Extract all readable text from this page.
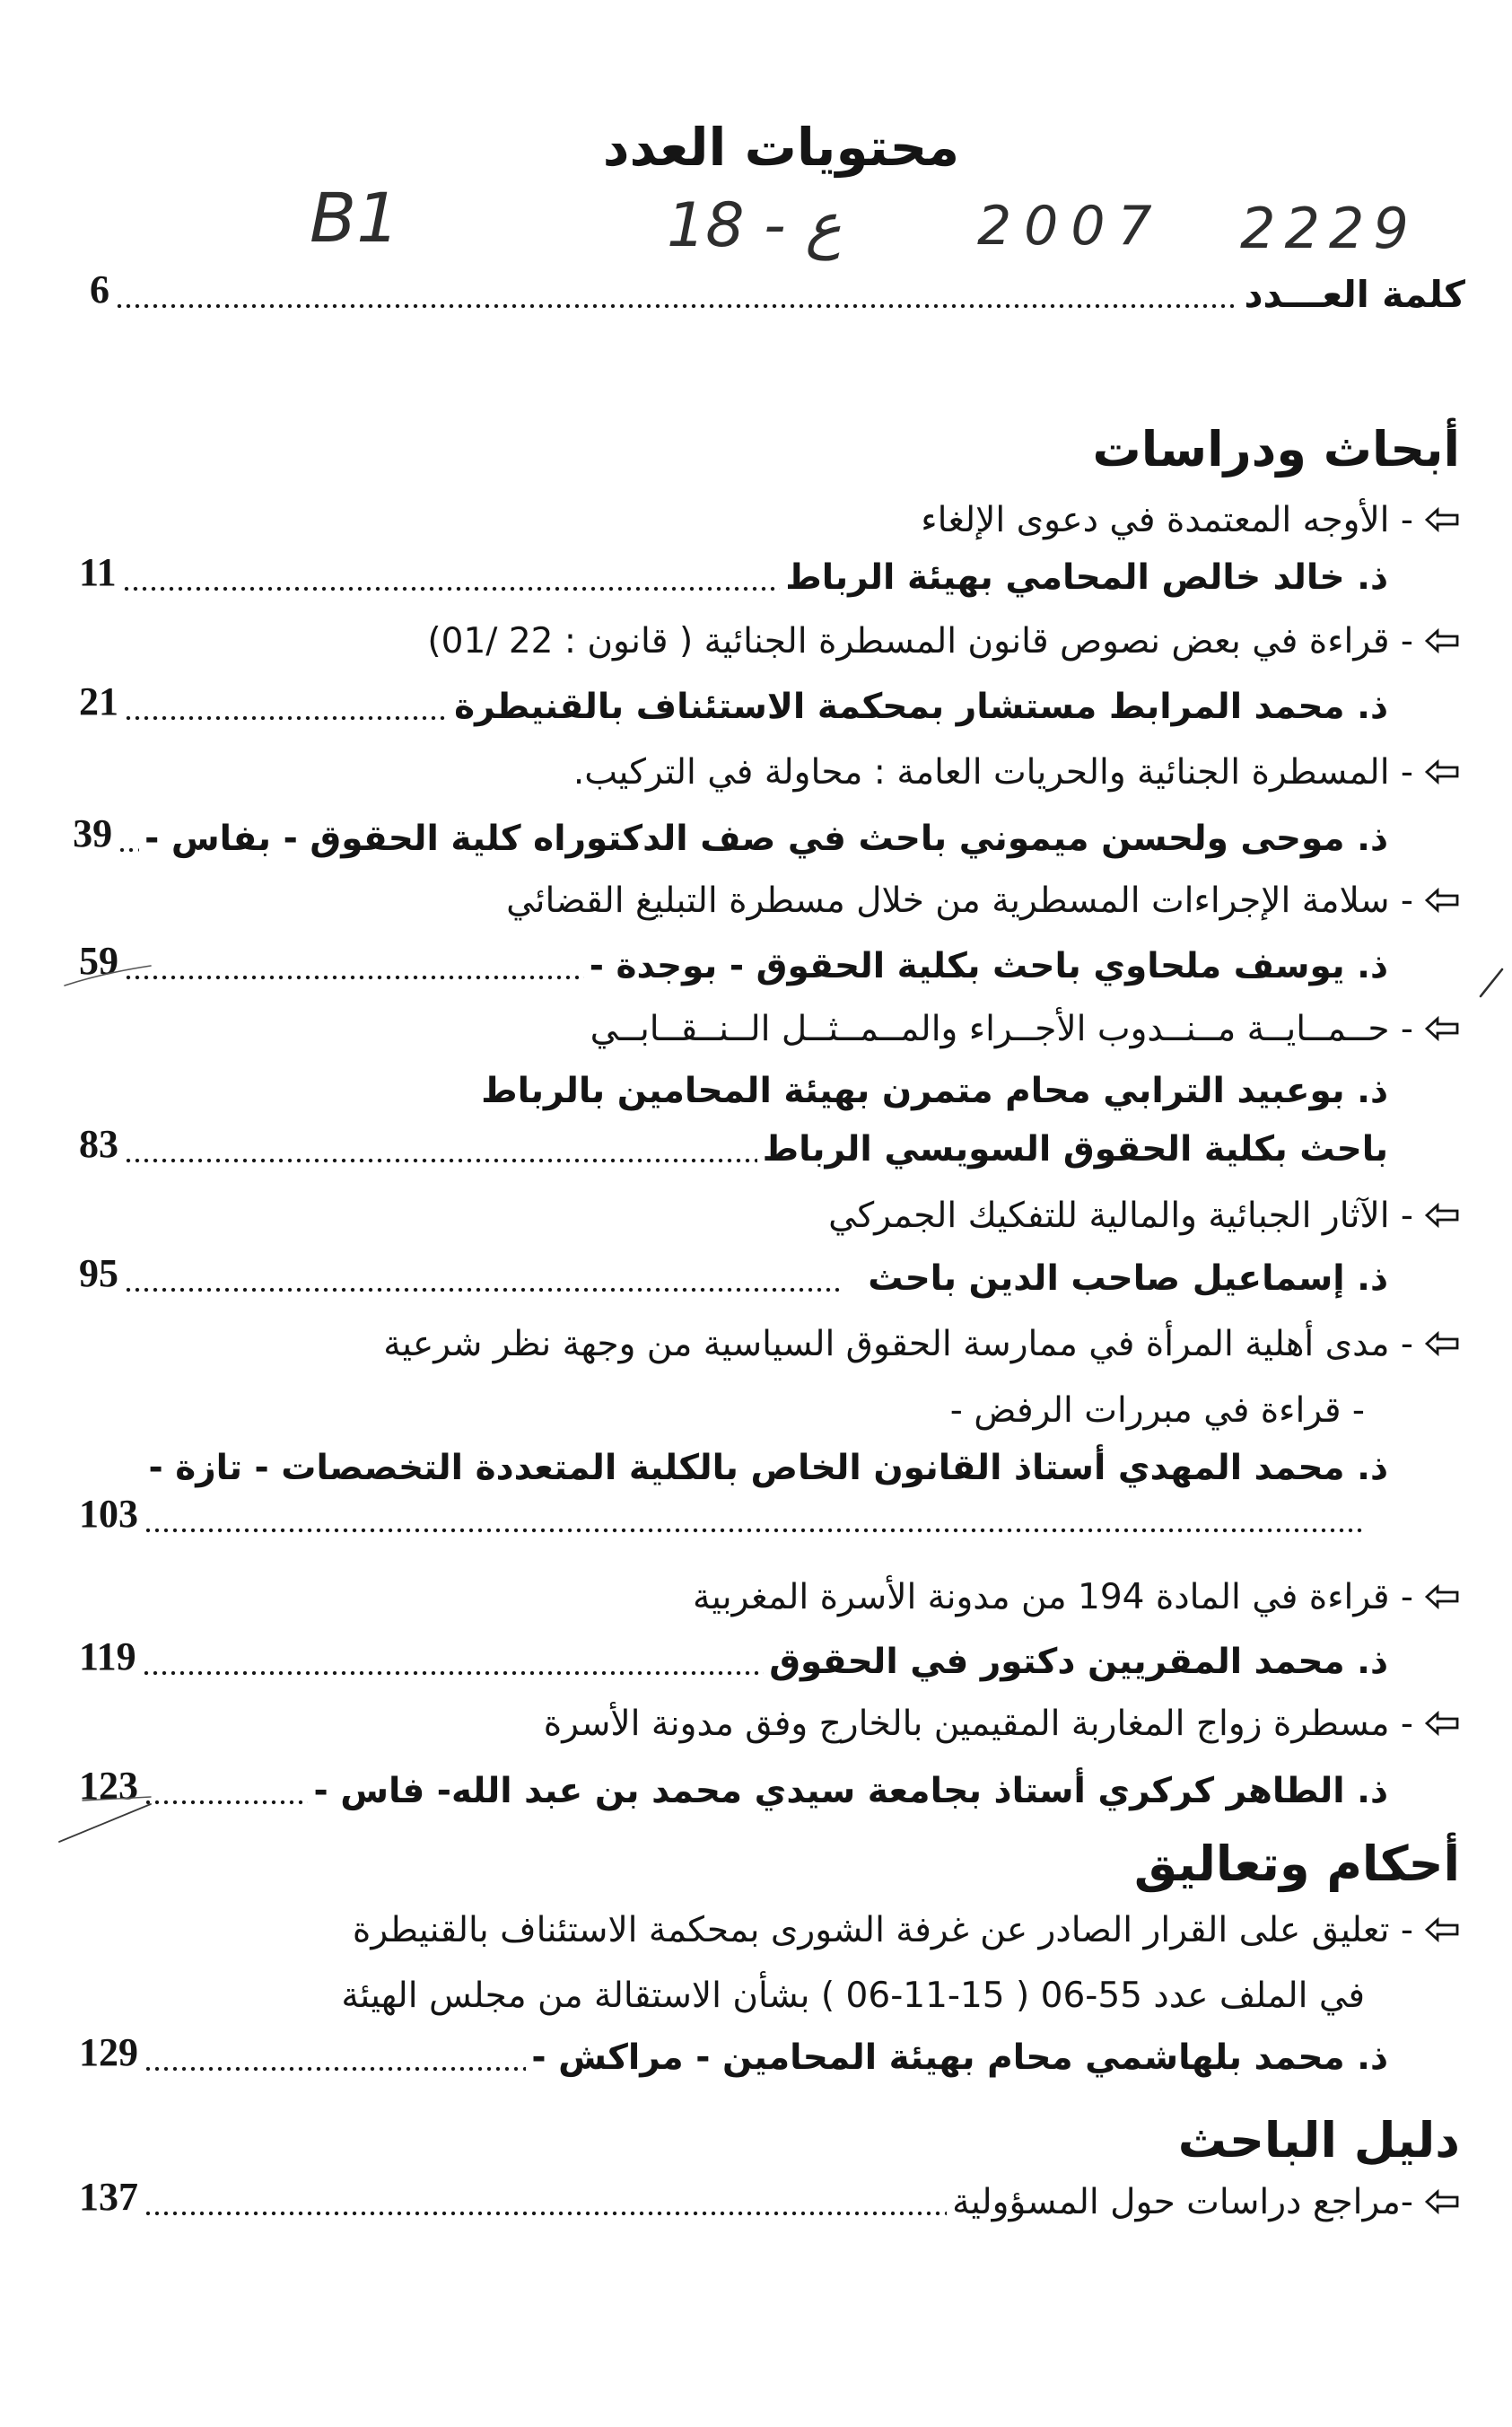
محتويات العدد
B1	18 - ع	2007 2229
كلمة العـــدد
6
أبحاث ودراسات
- الأوجه المعتمدة في دعوى الإلغاء
ذ. خالد خالص المحامي بهيئة الرباط
11
- قراءة في بعض نصوص قانون المسطرة الجنائية ( قانون : 22 /01)
ذ. محمد المرابط مستشار بمحكمة الاستئناف بالقنيطرة
21
- المسطرة الجنائية والحريات العامة : محاولة في التركيب.
ذ. موحى ولحسن ميموني باحث في صف الدكتوراه كلية الحقوق - بفاس -
39
- سلامة الإجراءات المسطرية من خلال مسطرة التبليغ القضائي
ذ. يوسف ملحاوي باحث بكلية الحقوق - بوجدة -
59
- حــمــايــة مــنــدوب الأجــراء والمــمــثــل الــنــقــابــي
ذ. بوعبيد الترابي محام متمرن بهيئة المحامين بالرباط
باحث بكلية الحقوق السويسي الرباط
83
- الآثار الجبائية والمالية للتفكيك الجمركي
ذ. إسماعيل صاحب الدين باحث
95
- مدى أهلية المرأة في ممارسة الحقوق السياسية من وجهة نظر شرعية
- قراءة في مبررات الرفض -
ذ. محمد المهدي أستاذ القانون الخاص بالكلية المتعددة التخصصات - تازة -
103
- قراءة في المادة 194 من مدونة الأسرة المغربية
ذ. محمد المقريين دكتور في الحقوق
119
- مسطرة زواج المغاربة المقيمين بالخارج وفق مدونة الأسرة
ذ. الطاهر كركري أستاذ بجامعة سيدي محمد بن عبد الله- فاس -
123
أحكام وتعاليق
- تعليق على القرار الصادر عن غرفة الشورى بمحكمة الاستئناف بالقنيطرة
في الملف عدد 55-06 ( 15-11-06 ) بشأن الاستقالة من مجلس الهيئة
ذ. محمد بلهاشمي محام بهيئة المحامين - مراكش -
129
دليل الباحث
-مراجع دراسات حول المسؤولية
137
